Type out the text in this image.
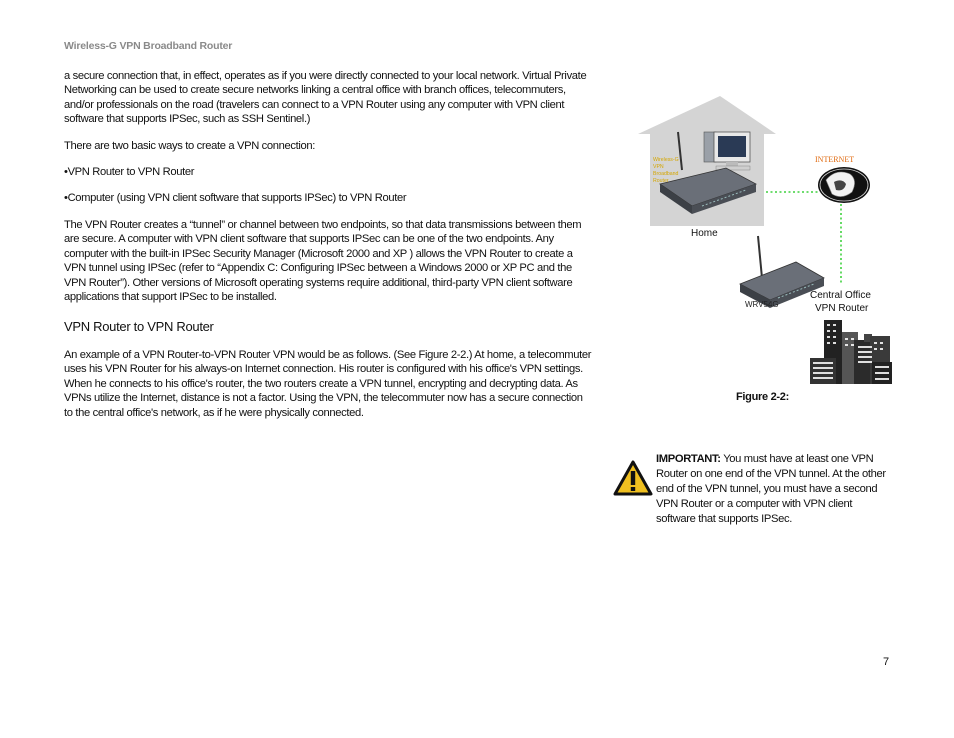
Wireless-G VPN Broadband Router

a secure connection that, in effect, operates as if you were directly connected to your local network. Virtual Private Networking can be used to create secure networks linking a central office with branch offices, telecommuters, and/or professionals on the road (travelers can connect to a VPN Router using any computer with VPN client software that supports IPSec, such as SSH Sentinel.)

There are two basic ways to create a VPN connection:

•VPN Router to VPN Router

•Computer (using VPN client software that supports IPSec) to VPN Router

The VPN Router creates a “tunnel” or channel between two endpoints, so that data transmissions between them are secure. A computer with VPN client software that supports IPSec can be one of the two endpoints. Any computer with the built-in IPSec Security Manager (Microsoft 2000 and XP ) allows the VPN Router to create a VPN tunnel using IPSec (refer to “Appendix C: Configuring IPSec between a Windows 2000 or XP PC and the VPN Router”). Other versions of Microsoft operating systems require additional, third-party VPN client software applications that support IPSec to be installed.

VPN Router to VPN Router

An example of a VPN Router-to-VPN Router VPN would be as follows. (See Figure 2-2.) At home, a telecommuter uses his VPN Router for his always-on Internet connection. His router is configured with his office's VPN settings. When he connects to his office's router, the two routers create a VPN tunnel, encrypting and decrypting data. As VPNs utilize the Internet, distance is not a factor. Using the VPN, the telecommuter now has a secure connection to the central office's network, as if he were physically connected.

Wireless-G
VPN
Broadband
Router
Home
INTERNET
WRV54G
Central Office
VPN Router
Figure 2-2:
IMPORTANT: You must have at least one VPN Router on one end of the VPN tunnel. At the other end of the VPN tunnel, you must have a second VPN Router or a computer with VPN client software that supports IPSec.
7
